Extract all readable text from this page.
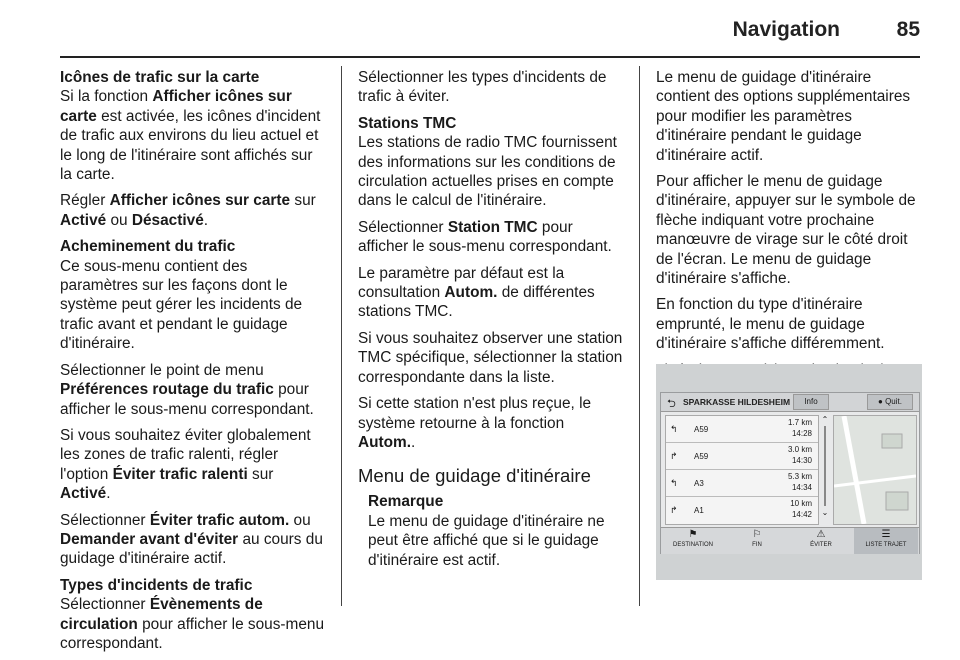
Navigation	85
Icônes de trafic sur la carte

Si la fonction Afficher icônes sur carte est activée, les icônes d'incident de trafic aux environs du lieu actuel et le long de l'itinéraire sont affichés sur la carte.

Régler Afficher icônes sur carte sur Activé ou Désactivé.

Acheminement du trafic

Ce sous-menu contient des paramètres sur les façons dont le système peut gérer les incidents de trafic avant et pendant le guidage d'itinéraire.

Sélectionner le point de menu Préférences routage du trafic pour afficher le sous-menu correspondant.

Si vous souhaitez éviter globalement les zones de trafic ralenti, régler l'option Éviter trafic ralenti sur Activé.

Sélectionner Éviter trafic autom. ou Demander avant d'éviter au cours du guidage d'itinéraire actif.

Types d'incidents de trafic

Sélectionner Évènements de circulation pour afficher le sous-menu correspondant.

Sélectionner les types d'incidents de trafic à éviter.

Stations TMC

Les stations de radio TMC fournissent des informations sur les conditions de circulation actuelles prises en compte dans le calcul de l'itinéraire.

Sélectionner Station TMC pour afficher le sous-menu correspondant.

Le paramètre par défaut est la consultation Autom. de différentes stations TMC.

Si vous souhaitez observer une station TMC spécifique, sélectionner la station correspondante dans la liste.

Si cette station n'est plus reçue, le système retourne à la fonction Autom..

Menu de guidage d'itinéraire
Remarque
Le menu de guidage d'itinéraire ne peut être affiché que si le guidage d'itinéraire est actif.

Le menu de guidage d'itinéraire contient des options supplémentaires pour modifier les paramètres d'itinéraire pendant le guidage d'itinéraire actif.

Pour afficher le menu de guidage d'itinéraire, appuyer sur le symbole de flèche indiquant votre prochaine manœuvre de virage sur le côté droit de l'écran. Le menu de guidage d'itinéraire s'affiche.

En fonction du type d'itinéraire emprunté, le menu de guidage d'itinéraire s'affiche différemment.

⮌ SPARKASSE HILDESHEIM	Info	● Quit.
↰ A59
1.7 km
14:28
↱ A59
3.0 km
14:30
↰ A3
5.3 km
14:34
↱ A1
10 km
14:42
⌃
⌄
⚑
DESTINATION
⚐
FIN
⚠
ÉVITER
☰
LISTE TRAJET
